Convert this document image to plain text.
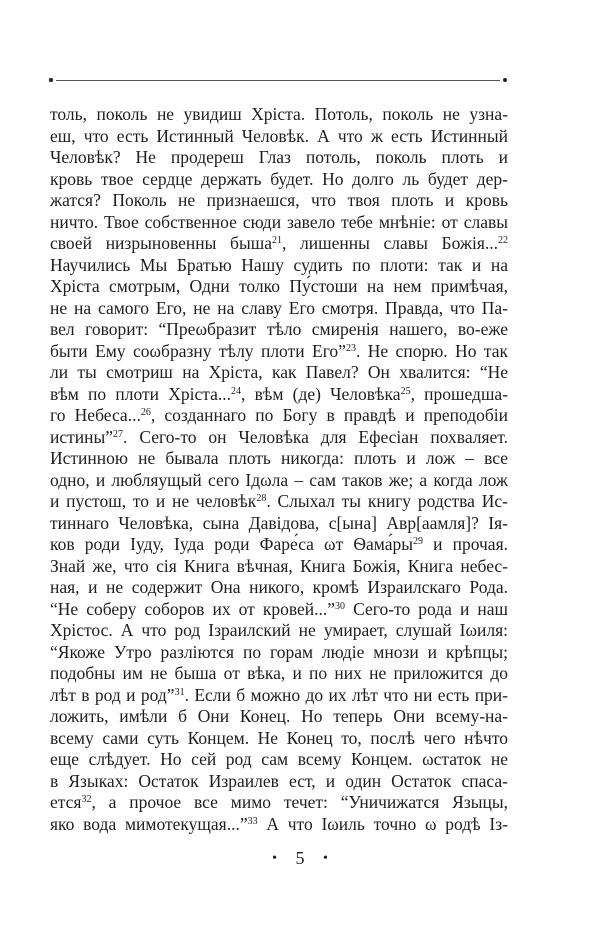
толь, поколь не увидиш Хріста. Потоль, поколь не узна-
еш, что есть Истинный Человѣк. А что ж есть Истинный
Человѣк? Не продереш Глаз потоль, поколь плоть и
кровь твое сердце держать будет. Но долго ль будет дер-
жатся? Поколь не признаешся, что твоя плоть и кровь
ничто. Твое собственное сюди завело тебе мнѣніе: от славы
своей низрыновенны быша$^{21}$, лишенны славы Божія...$^{22}$
Научились Мы Братью Нашу судить по плоти: так и на
Хріста смотрым, Одни толко Пу́стоши на нем примѣчая,
не на самого Его, не на славу Его смотря. Правда, что Па-
вел говорит: “Преωбразит тѣло смиренія нашего, во-еже
быти Ему соωбразну тѣлу плоти Его”$^{23}$. Не спорю. Но так
ли ты смотриш на Хріста, как Павел? Он хвалится: “Не
вѣм по плоти Хріста...$^{24}$, вѣм (де) Человѣка$^{25}$, прошедша-
го Небеса...$^{26}$, созданнаго по Богу в правдѣ и преподобіи
истины”$^{27}$. Сего-то он Человѣка для Ефесіан похваляет.
Истинною не бывала плоть никогда: плоть и лож – все
одно, и любляущый сего Ідωла – сам таков же; а когда лож
и пустош, то и не человѣк$^{28}$. Слыхал ты книгу родства Ис-
тиннаго Человѣка, сына Давідова, с[ына] Авр[аамля]? Ія-
ков роди Іуду, Іуда роди Фаре́са ωт $Ѳама́ры^{29}$ и прочая.
Знай же, что сія Книга вѣчная, Книга Божія, Книга небес-
ная, и не содержит Она никого, кромѣ Израилскаго Рода.
“Не соберу соборов их от кровей...”$^{30}$ Сего-то рода и наш
Хрістос. А что род Ізраилский не умирает, слушай Іωиля:
“Якоже Утро разліются по горам людіе мнози и крѣпцы;
подобны им не быша от вѣка, и по них не приложится до
лѣт в род и род”$^{31}$. Если б можно до их лѣт что ни есть при-
ложить, имѣли б Они Конец. Но теперь Они всему-на-
всему сами суть Концем. Не Конец то, послѣ чего нѣчто
еще слѣдует. Но сей род сам всему Концем. ωстаток не
в Языках: Остаток Израилев ест, и один Остаток спаса-
ется$^{32}$, а прочое все мимо течет: “Уничижатся Языцы,
яко вода мимотекущая...”$^{33}$ А что Іωиль точно ω родѣ Із-
• 5 •
